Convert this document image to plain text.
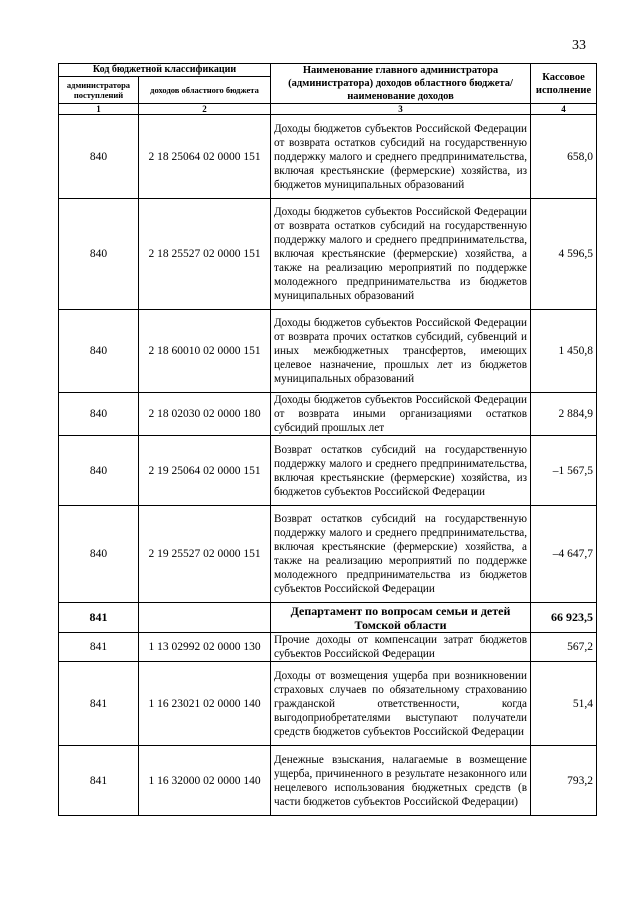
33
Код бюджетной классификации		Наименование главного администратора (администратора) доходов областного бюджета/ наименование доходов	Кассовое исполнение
администратора поступлений	доходов областного бюджета		
1	2	3	4
840	2 18 25064 02 0000 151	Доходы бюджетов субъектов Российской Федерации от возврата остатков субсидий на государственную поддержку малого и среднего предпринимательства, включая крестьянские (фермерские) хозяйства, из бюджетов муниципальных образований	658,0
840	2 18 25527 02 0000 151	Доходы бюджетов субъектов Российской Федерации от возврата остатков субсидий на государственную поддержку малого и среднего предпринимательства, включая крестьянские (фермерские) хозяйства, а также на реализацию мероприятий по поддержке молодежного предпринимательства из бюджетов муниципальных образований	4 596,5
840	2 18 60010 02 0000 151	Доходы бюджетов субъектов Российской Федерации от возврата прочих остатков субсидий, субвенций и иных межбюджетных трансфертов, имеющих целевое назначение, прошлых лет из бюджетов муниципальных образований	1 450,8
840	2 18 02030 02 0000 180	Доходы бюджетов субъектов Российской Федерации от возврата иными организациями остатков субсидий прошлых лет	2 884,9
840	2 19 25064 02 0000 151	Возврат остатков субсидий на государственную поддержку малого и среднего предпринимательства, включая крестьянские (фермерские) хозяйства, из бюджетов субъектов Российской Федерации	–1 567,5
840	2 19 25527 02 0000 151	Возврат остатков субсидий на государственную поддержку малого и среднего предпринимательства, включая крестьянские (фермерские) хозяйства, а также на реализацию мероприятий по поддержке молодежного предпринимательства из бюджетов субъектов Российской Федерации	–4 647,7
841		Департамент по вопросам семьи и детей Томской области	66 923,5
841	1 13 02992 02 0000 130	Прочие доходы от компенсации затрат бюджетов субъектов Российской Федерации	567,2
841	1 16 23021 02 0000 140	Доходы от возмещения ущерба при возникновении страховых случаев по обязательному страхованию гражданской ответственности, когда выгодоприобретателями выступают получатели средств бюджетов субъектов Российской Федерации	51,4
841	1 16 32000 02 0000 140	Денежные взыскания, налагаемые в возмещение ущерба, причиненного в результате незаконного или нецелевого использования бюджетных средств (в части бюджетов субъектов Российской Федерации)	793,2
